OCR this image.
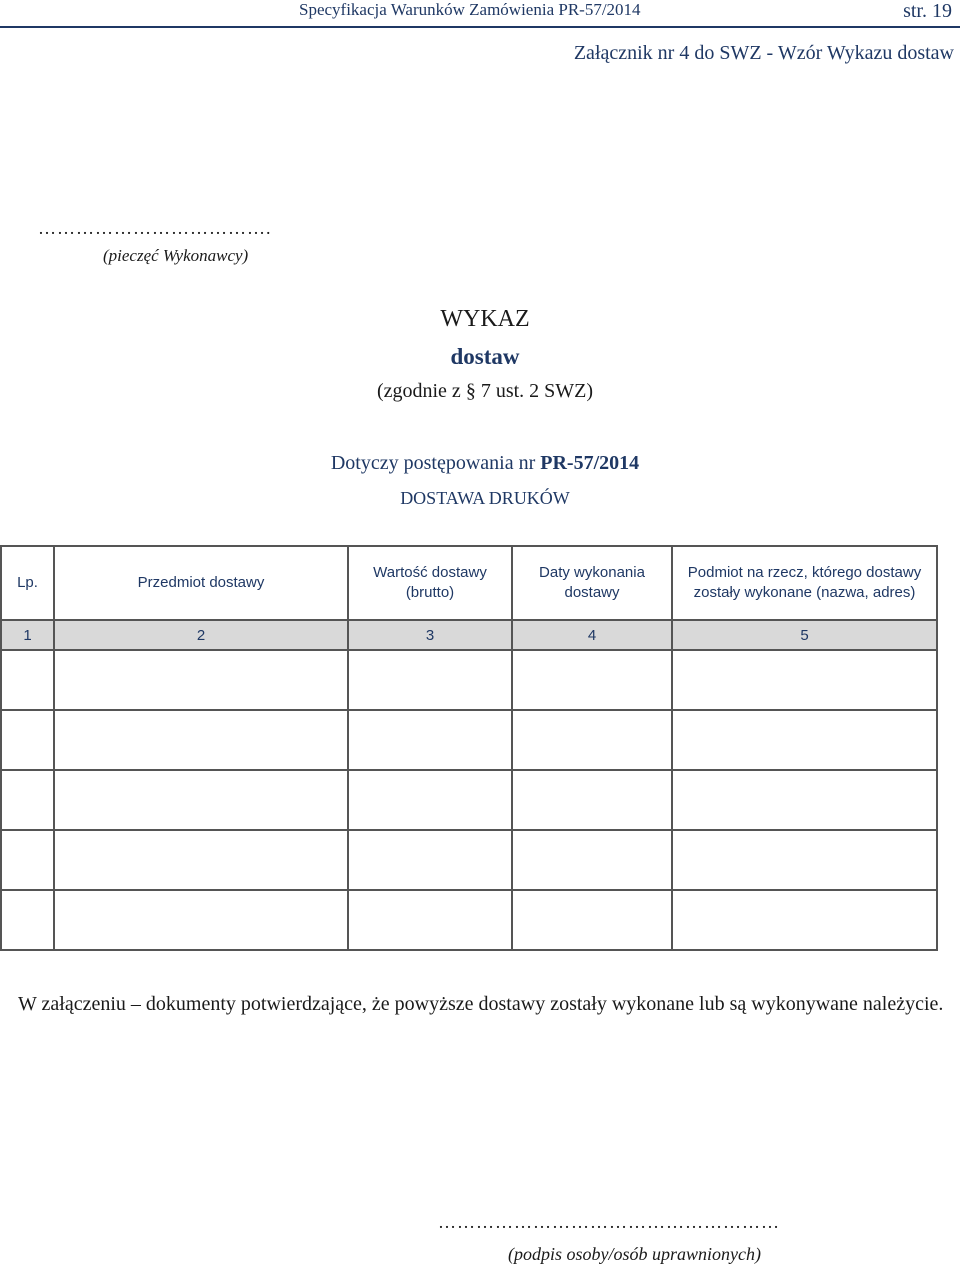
Specyfikacja Warunków Zamówienia PR-57/2014	str. 19
Załącznik nr 4 do SWZ - Wzór Wykazu dostaw
……………………………….
(pieczęć Wykonawcy)
WYKAZ
dostaw
(zgodnie z § 7 ust. 2 SWZ)
Dotyczy postępowania nr PR-57/2014
DOSTAWA DRUKÓW
Lp.	Przedmiot dostawy	Wartość dostawy (brutto)	Daty wykonania dostawy	Podmiot na rzecz, którego dostawy zostały wykonane (nazwa, adres)
1	2	3	4	5

W załączeniu – dokumenty potwierdzające, że powyższe dostawy zostały wykonane lub są wykonywane należycie.
………………………………………………
(podpis osoby/osób uprawnionych)
